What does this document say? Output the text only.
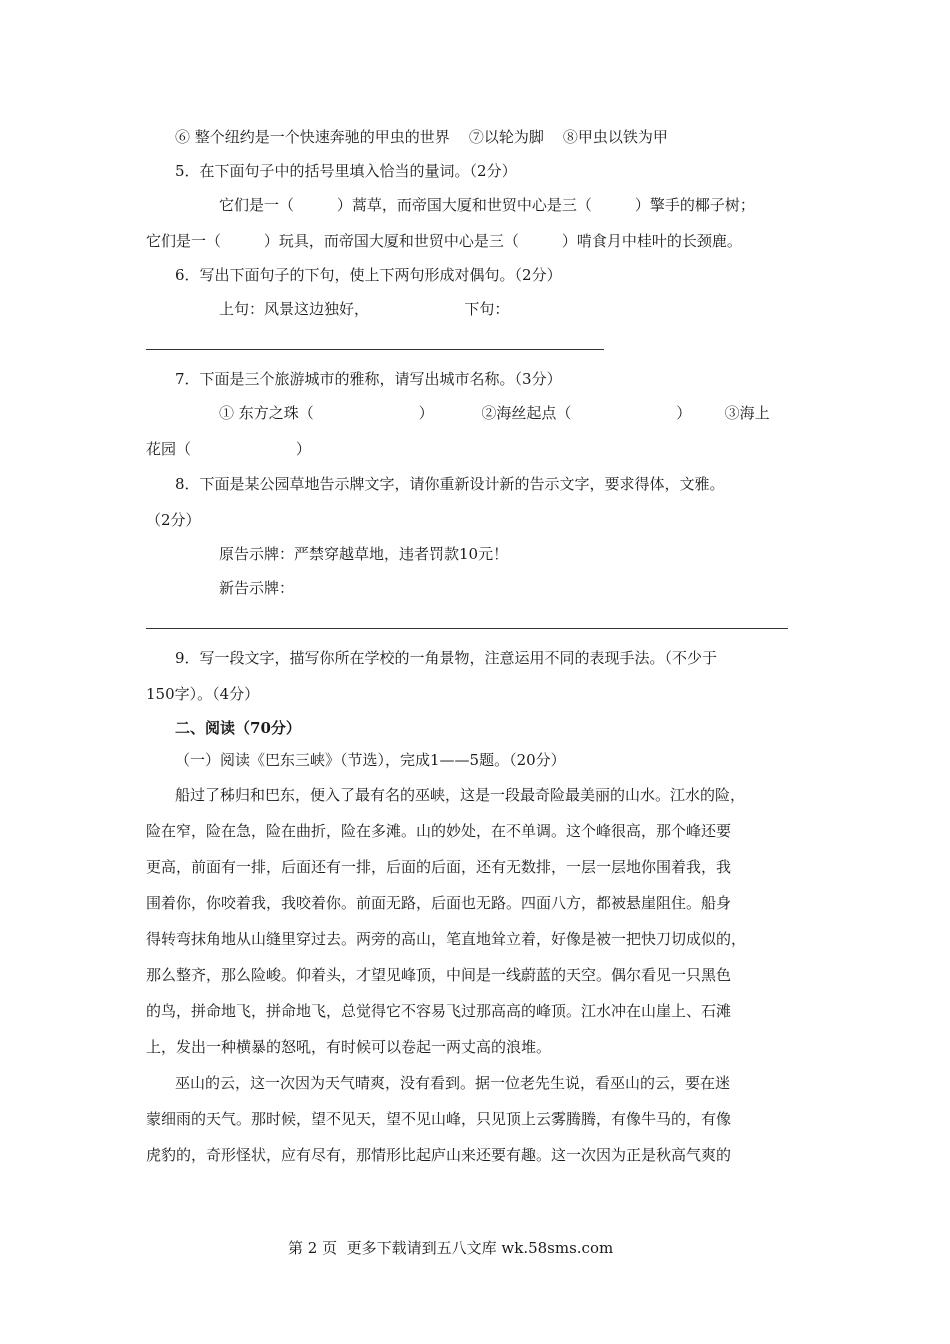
⑥ 整个纽约是一个快速奔驰的甲虫的世界    ⑦以轮为脚    ⑧甲虫以铁为甲
5．在下面句子中的括号里填入恰当的量词。（2分）
它们是一（         ）蒿草，而帝国大厦和世贸中心是三（         ）擎手的椰子树；
它们是一（         ）玩具，而帝国大厦和世贸中心是三（         ）啃食月中桂叶的长颈鹿。
6．写出下面句子的下句，使上下两句形成对偶句。（2分）
上句：风景这边独好，                    下句：
7．下面是三个旅游城市的雅称，请写出城市名称。（3分）
① 东方之珠（                      ）          ②海丝起点（                      ）       ③海上
花园（                      ）
8．下面是某公园草地告示牌文字，请你重新设计新的告示文字，要求得体，文雅。
（2分）
原告示牌：严禁穿越草地，违者罚款10元！
新告示牌：
9．写一段文字，描写你所在学校的一角景物，注意运用不同的表现手法。（不少于
150字）。（4分）
二、阅读（70分）
（一）阅读《巴东三峡》（节选），完成1——5题。（20分）
船过了秭归和巴东，便入了最有名的巫峡，这是一段最奇险最美丽的山水。江水的险，
险在窄，险在急，险在曲折，险在多滩。山的妙处，在不单调。这个峰很高，那个峰还要
更高，前面有一排，后面还有一排，后面的后面，还有无数排，一层一层地你围着我，我
围着你，你咬着我，我咬着你。前面无路，后面也无路。四面八方，都被悬崖阻住。船身
得转弯抹角地从山缝里穿过去。两旁的高山，笔直地耸立着，好像是被一把快刀切成似的，
那么整齐，那么险峻。仰着头，才望见峰顶，中间是一线蔚蓝的天空。偶尔看见一只黑色
的鸟，拼命地飞，拼命地飞，总觉得它不容易飞过那高高的峰顶。江水冲在山崖上、石滩
上，发出一种横暴的怒吼，有时候可以卷起一两丈高的浪堆。
巫山的云，这一次因为天气晴爽，没有看到。据一位老先生说，看巫山的云，要在迷
蒙细雨的天气。那时候，望不见天，望不见山峰，只见顶上云雾腾腾，有像牛马的，有像
虎豹的，奇形怪状，应有尽有，那情形比起庐山来还要有趣。这一次因为正是秋高气爽的
第 2 页  更多下载请到五八文库 wk.58sms.com
